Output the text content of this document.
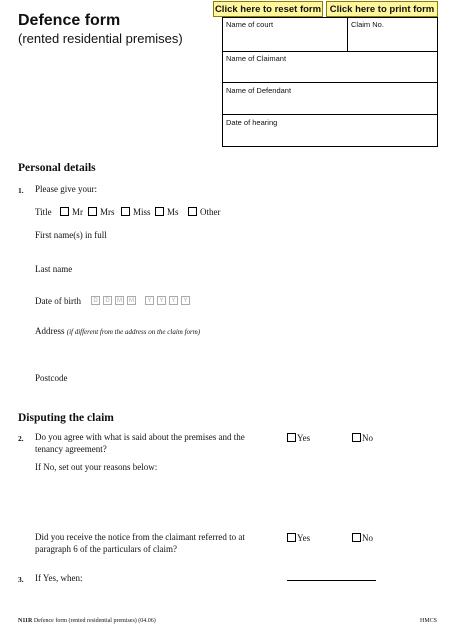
Defence form
(rented residential premises)
Click here to reset form Click here to print form
Name of court	Claim No.
Name of Claimant
Name of Defendant
Date of hearing
Personal details
1. Please give your:
Title Mr Mrs Miss Ms Other
First name(s) in full
Last name
Date of birth	D	D	M	M	Y	Y	Y	Y
Address (if different from the address on the claim form)
Postcode
Disputing the claim
2. Do you agree with what is said about the premises and the
tenancy agreement?
Yes	No
If No, set out your reasons below:
Did you receive the notice from the claimant referred to at
paragraph 6 of the particulars of claim?
Yes	No
3. If Yes, when:
N11R Defence form (rented residential premises) (04.06)	HMCS
